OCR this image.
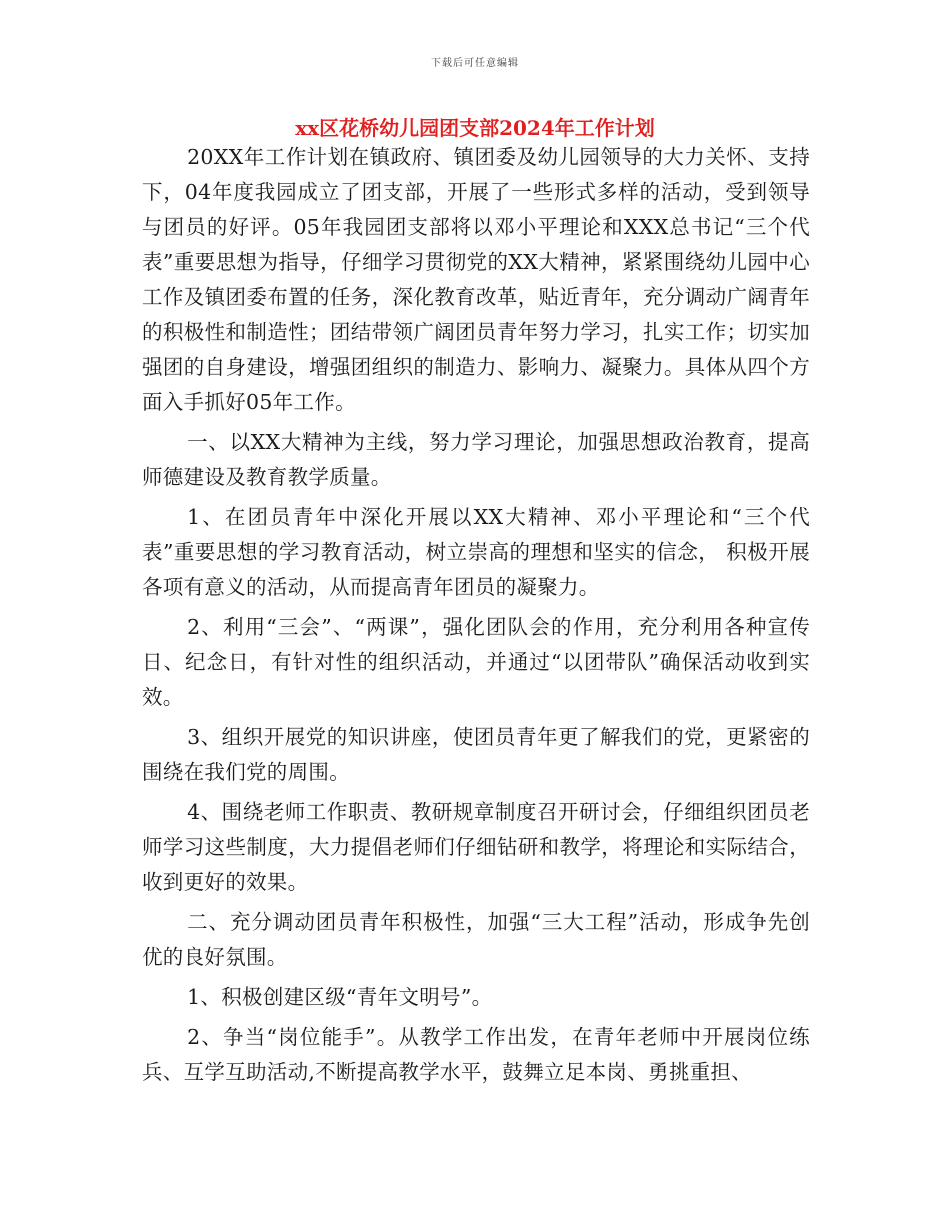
下载后可任意编辑
xx区花桥幼儿园团支部2024年工作计划

20XX年工作计划在镇政府、镇团委及幼儿园领导的大力关怀、支持下，04年度我园成立了团支部，开展了一些形式多样的活动，受到领导与团员的好评。05年我园团支部将以邓小平理论和XXX总书记“三个代表”重要思想为指导，仔细学习贯彻党的XX大精神，紧紧围绕幼儿园中心工作及镇团委布置的任务，深化教育改革，贴近青年，充分调动广阔青年的积极性和制造性；团结带领广阔团员青年努力学习，扎实工作；切实加强团的自身建设，增强团组织的制造力、影响力、凝聚力。具体从四个方面入手抓好05年工作。

一、以XX大精神为主线，努力学习理论，加强思想政治教育，提高师德建设及教育教学质量。

1、在团员青年中深化开展以XX大精神、邓小平理论和“三个代表”重要思想的学习教育活动，树立崇高的理想和坚实的信念， 积极开展各项有意义的活动，从而提高青年团员的凝聚力。

2、利用“三会”、“两课”，强化团队会的作用，充分利用各种宣传日、纪念日，有针对性的组织活动，并通过“以团带队”确保活动收到实效。

3、组织开展党的知识讲座，使团员青年更了解我们的党，更紧密的围绕在我们党的周围。

4、围绕老师工作职责、教研规章制度召开研讨会，仔细组织团员老师学习这些制度，大力提倡老师们仔细钻研和教学，将理论和实际结合，收到更好的效果。

二、充分调动团员青年积极性，加强“三大工程”活动，形成争先创优的良好氛围。

1、积极创建区级“青年文明号”。

2、争当“岗位能手”。从教学工作出发，在青年老师中开展岗位练兵、互学互助活动,不断提高教学水平，鼓舞立足本岗、勇挑重担、
